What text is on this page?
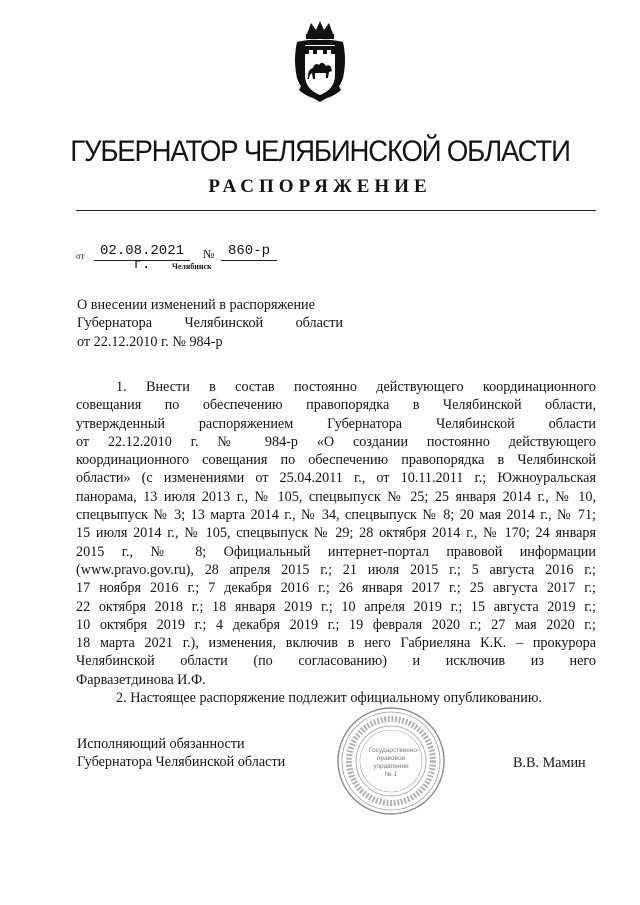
ГУБЕРНАТОР ЧЕЛЯБИНСКОЙ ОБЛАСТИ
РАСПОРЯЖЕНИЕ
от	02.08.2021 г.
№ 860-р
Челябинск
О внесении изменений в распоряжение
Губернатора Челябинской области
от 22.12.2010 г. № 984-р
1. Внести в состав постоянно действующего координационного
совещания по обеспечению правопорядка в Челябинской области,
утвержденный распоряжением Губернатора Челябинской области
от 22.12.2010 г. № 984-р «О создании постоянно действующего
координационного совещания по обеспечению правопорядка в Челябинской
области» (с изменениями от 25.04.2011 г., от 10.11.2011 г.; Южноуральская
панорама, 13 июля 2013 г., № 105, спецвыпуск № 25; 25 января 2014 г., № 10,
спецвыпуск № 3; 13 марта 2014 г., № 34, спецвыпуск № 8; 20 мая 2014 г., № 71;
15 июля 2014 г., № 105, спецвыпуск № 29; 28 октября 2014 г., № 170; 24 января
2015 г., № 8; Официальный интернет-портал правовой информации
(www.pravo.gov.ru), 28 апреля 2015 г.; 21 июля 2015 г.; 5 августа 2016 г.;
17 ноября 2016 г.; 7 декабря 2016 г.; 26 января 2017 г.; 25 августа 2017 г.;
22 октября 2018 г.; 18 января 2019 г.; 10 апреля 2019 г.; 15 августа 2019 г.;
10 октября 2019 г.; 4 декабря 2019 г.; 19 февраля 2020 г.; 27 мая 2020 г.;
18 марта 2021 г.), изменения, включив в него Габриеляна К.К. – прокурора
Челябинской области (по согласованию) и исключив из него
Фарвазетдинова И.Ф.
2. Настоящее распоряжение подлежит официальному опубликованию.
Государственно-
правовое
управление
№ 1
Исполняющий обязанности
Губернатора Челябинской области	В.В. Мамин
